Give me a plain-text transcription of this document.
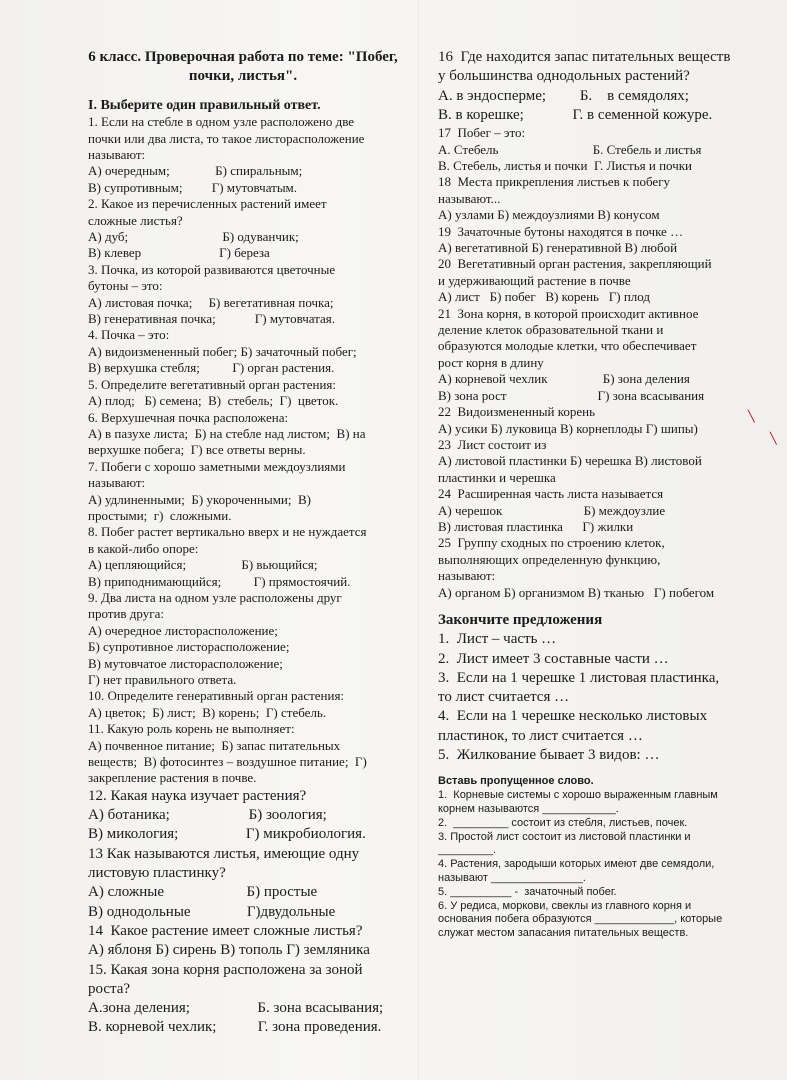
6 класс. Проверочная работа по теме: "Побег,
почки, листья".
I. Выберите один правильный ответ.
1. Если на стебле в одном узле расположено две
почки или два листа, то такое листорасположение
называют:
А) очередным;              Б) спиральным;
В) супротивным;         Г) мутовчатым.
2. Какое из перечисленных растений имеет
сложные листья?
А) дуб;                             Б) одуванчик;
В) клевер                        Г) береза
3. Почка, из которой развиваются цветочные
бутоны – это:
А) листовая почка;     Б) вегетативная почка;
В) генеративная почка;            Г) мутовчатая.
4. Почка – это:
А) видоизмененный побег; Б) зачаточный побег;
В) верхушка стебля;          Г) орган растения.
5. Определите вегетативный орган растения:
А) плод;   Б) семена;  В)  стебель;  Г)  цветок.
6. Верхушечная почка расположена:
А) в пазухе листа;  Б) на стебле над листом;  В) на
верхушке побега;  Г) все ответы верны.
7. Побеги с хорошо заметными междоузлиями
называют:
А) удлиненными;  Б) укороченными;  В)
простыми;  г)  сложными.
8. Побег растет вертикально вверх и не нуждается
в какой-либо опоре:
А) цепляющийся;                 Б) вьющийся;
В) приподнимающийся;          Г) прямостоячий.
9. Два листа на одном узле расположены друг
против друга:
А) очередное листорасположение;
Б) супротивное листорасположение;
В) мутовчатое листорасположение;
Г) нет правильного ответа.
10. Определите генеративный орган растения:
А) цветок;  Б) лист;  В) корень;  Г) стебель.
11. Какую роль корень не выполняет:
А) почвенное питание;  Б) запас питательных
веществ;  В) фотосинтез – воздушное питание;  Г)
закрепление растения в почве.
12. Какая наука изучает растения?
А) ботаника;                     Б) зоология;
В) микология;                  Г) микробиология.
13 Как называются листья, имеющие одну
листовую пластинку?
А) сложные                      Б) простые
В) однодольные               Г)двудольные
14  Какое растение имеет сложные листья?
А) яблоня Б) сирень В) тополь Г) земляника
15. Какая зона корня расположена за зоной
роста?
А.зона деления;                  Б. зона всасывания;
В. корневой чехлик;           Г. зона проведения.
16  Где находится запас питательных веществ
у большинства однодольных растений?
А. в эндосперме;         Б.    в семядолях;
В. в корешке;             Г. в семенной кожуре.
17  Побег – это:
А. Стебель                             Б. Стебель и листья
В. Стебель, листья и почки  Г. Листья и почки
18  Места прикрепления листьев к побегу
называют...
А) узлами Б) междоузлиями В) конусом
19  Зачаточные бутоны находятся в почке …
А) вегетативной Б) генеративной В) любой
20  Вегетативный орган растения, закрепляющий
и удерживающий растение в почве
А) лист   Б) побег   В) корень   Г) плод
21  Зона корня, в которой происходит активное
деление клеток образовательной ткани и
образуются молодые клетки, что обеспечивает
рост корня в длину
А) корневой чехлик                 Б) зона деления
В) зона рост                            Г) зона всасывания
22  Видоизмененный корень
А) усики Б) луковица В) корнеплоды Г) шипы)
23  Лист состоит из
А) листовой пластинки Б) черешка В) листовой
пластинки и черешка
24  Расширенная часть листа называется
А) черешок                         Б) междоузлие
В) листовая пластинка      Г) жилки
25  Группу сходных по строению клеток,
выполняющих определенную функцию,
называют:
А) органом Б) организмом В) тканью   Г) побегом
Закончите предложения
1.  Лист – часть …
2.  Лист имеет 3 составные части …
3.  Если на 1 черешке 1 листовая пластинка,
то лист считается …
4.  Если на 1 черешке несколько листовых
пластинок, то лист считается …
5.  Жилкование бывает 3 видов: …
Вставь пропущенное слово.
1.  Корневые системы с хорошо выраженным главным
корнем называются ____________.
2.  _________ состоит из стебля, листьев, почек.
3. Простой лист состоит из листовой пластинки и
_________.
4. Растения, зародыши которых имеют две семядоли,
называют _______________.
5. __________ -  зачаточный побег.
6. У редиса, моркови, свеклы из главного корня и
основания побега образуются _____________, которые
служат местом запасания питательных веществ.
╲
╲
